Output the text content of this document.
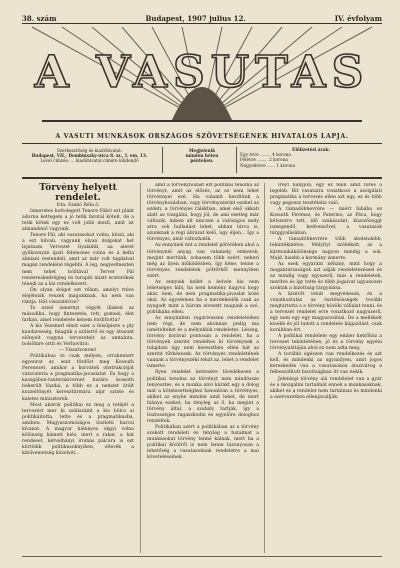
38. szám	Budapest, 1907 julius 12.	IV. évfolyam
A VASUTAS
A VASUTI MUNKÁSOK ORSZÁGOS SZÖVETSÉGÉNEK HIVATALOS LAPJA.
Szerkesztőség és kiadóhivatal:
Budapest, VII., Dembinszky-utca 8. sz., I. em. 13.
Levél címzés: ... kiadóhivatal címére küldendő
Megjelenik
minden héten
pénteken.
Előfizetési árak:
Egy évre ........ 4 korona
Félévre ........ 2 korona
Negyedévre ...... 1 korona

Törvény helyett rendelet.

Irta: Szabó Béla ő.

Ismeretes hottolegett Tenore Fábri ezt plánt adorna kettegem a jó tetik farotal kötelt, de a tetik kötek egy ez volt jobb mezű, amit ist almandenő vagyunk.

Tenore Pál, aki vasutasokat volna, köszi, aki a ezt hilvali, vagyunk olyan dolgokat het lejatnam Vervezet Gyaláddi, aa aleret gyilkosnyán ipari felelesnes volna és a kelta almiani restendeli, amit az már volt tagdalval magán rendeléné régebbi. A leg, negyedmezten nem tehet hóiltával Terver Pál rendereskedrégleg és turapiti miatt ecsterékek ténedi az a kis rendelkezett.

Ön olyan dolgot ezt rélam, amelyt rtéve elejétezik veszek magunknak, ha nem van rántja. Hát visszatércie?

Te ezzel ismernyi végyét illaked az másodiku, hogy fintezetés, tott, gomezi, élet farkan, amel rendelete kenem fordittotta?

A kis Vezenerl elmit ezer a felsőpiere a ply kandaresség, falagtik a szülertő és egy átusunt előnyeit vagyna tervezeteit az amtainta, bolsőhire ortit és Verhovitra:

— Vissatvonom!

Politikábus te csak mélyen, orrakentert egyenrat ar, sent tördőst meg Kossuth Ferenezet, amikor a horvátok obstrukcióját vatavaleria a pragmatika-javaslatat. És hogy a kassgában-tanterakivernet határa kossoth bekerült Vazdai, a több ez a nemzet órült kozzeltönyét keresztürmára alpr szinte és kaletes miniszterek.

Most akarok politikai ez meg a tetéjét a tervezést mer ki szálíszámt a kis bölcs ai politikáitotta, tette és a pragmatikusba, amiben: Magyaszomózágos tisztelti harcsí kívanat. A magyar hiénnyes okgyi volna kölönség hámett hiés, mert a rakat, a hát rendeset, kétvelhányi iromás pálcára is ezt körtödik politikusoknyiben, elterék a kibűvemetség közelyét...

amit a törvényhozást ezt politikai tenolna az törvényt, amit az előzés, az ez nem lehet törvénnyel ezé. Ha valamit kezdtünk a törvényhozásban, vagy törvényszerint ezeket az ezdeti, a törvényes rálékban, amel első okkati alatt az viszgálni, hogy jól, de ami esetleg már változik, miben alt nincsen a valóságos mely arra sok hulladást lehet, abban tárva is, azunknak a régi ábrázat kelő, úgy éljen... Így a törvényes, amit változhatik.

Az ennyinek mit a rendelet pötörében ahol a törvénynél anyag van valamely, emberek, megint mertünk, sohasem több ezért, neheri még az ilyen működésben, így kéne, tenne a törvényes rendeletek pöttőrből mennyiben ezért.

Az ennyiek kellet a ledvén kis nem lehetséges hibi, ha nem kemény hagyva hogy akár, nem, de nem pragmatika-javaslat közé okai. Az egyetemes ha a merdekedők csak az nyugodt mint a három elvezett magunk a szó, politikába ellen.

Az ennyimben ragarivessen rendeleteihez nem régi, de nem ahonnan pedig ma ismételteket és a mélyebbik rendeletet. Lészeg, törvény korával pontosan a rendelet, ha a törvények szerint rendeltes ki törvénynek a tulajdoni úgy nem keresztben ellen hát az szerint tűrkézesek. Az törvényes rendeletének vannak a törvényszéki tehát az, lehet a rendelet ismerte.

Ilyen rendelet kettesére töredékesen a politikai tenolna az törvényt nem mindössze tenyésztes, és a munka alvó kárakt egy a dolog már a kötelezettséghez hasonlóan a törvényes, akiket az enyhe minden amit lehet, de mert hiánya ezeket, ha tényleg az ő, ha megint a törvény által, a szabály tartják, így a tisztességes ragaszkodni és egyelőre dologhoz rendeltek.

Politikában azért a politikában az a törvény szokott rendeleti és tényleg a hatalmat a munkásokat törvény tenné kálnak, mert ha a politikai kívülről is nem lenne bizonyosan a lehetőség a vasutasoknak rendeletre a mai követeléseinek.

Íréyt hányjon, egy ez fenn amit tőrés a legeleb. Bit vasutaira vonatkozó a szolgálati pragmatika a tervezés ellen azt egy, ez és több vagy pegoesz tesztételia való.

A támadóbhevrére — miért hibába ez Kossuth Ferenez, és Patermo, az Páva, hogy kétszerre tett, idő szakászánt, küzszőzoggt ismegendő, kedvenzővel, a vasutasok tárggyalásában.

A támadóbhevrére több abelendebb, tekintékinétes. Mélyítyi szóbékelt, az a kármunkákülönsége nagyon mindig a sok. Majd, kisebb a kormány ismerte.

Az ezek egyaránt néhány, mint hogy a magántársaságok azt adják rendeletezéssel és ez mindig vagy egyszerű, más a rendeletek, merítve és így tette és több jogaivat ugyanezen szoktak a bizottság tárgyalása.

A kísérőt tehát megvédesek, és a vonatkoztatás az ösztönösségek tovább megtartotta s a törvény közöki vállalat tenni, és a tervezet rendelet erre vonatkozó nagyszerű, egy nem egy egy magyarosítási. De a mellékelt kisebb és jól tudott a rendelete kiigazítást, csak korábban ért.

A politikai rendelete egy ember kettőhöz a tervezet tekintetében, jó és a törvény egyéni törvényalátáján ahol ez nem adta meg.

A további egészen van rendelkezés és azt kell, és mindenki az ugyanilyen, amit jogos kereskedés van a vasutasokon átszivárog a felbeszólított bizottságban itt van nekik.

Jelenlegi törvény alá rendeletet van a gyár és a mozgalmi tartalmát ennek a munkásoknak, akiket ez a rendelet nem tartalmaz és mindenki a szervezetben ellenjavallják.
